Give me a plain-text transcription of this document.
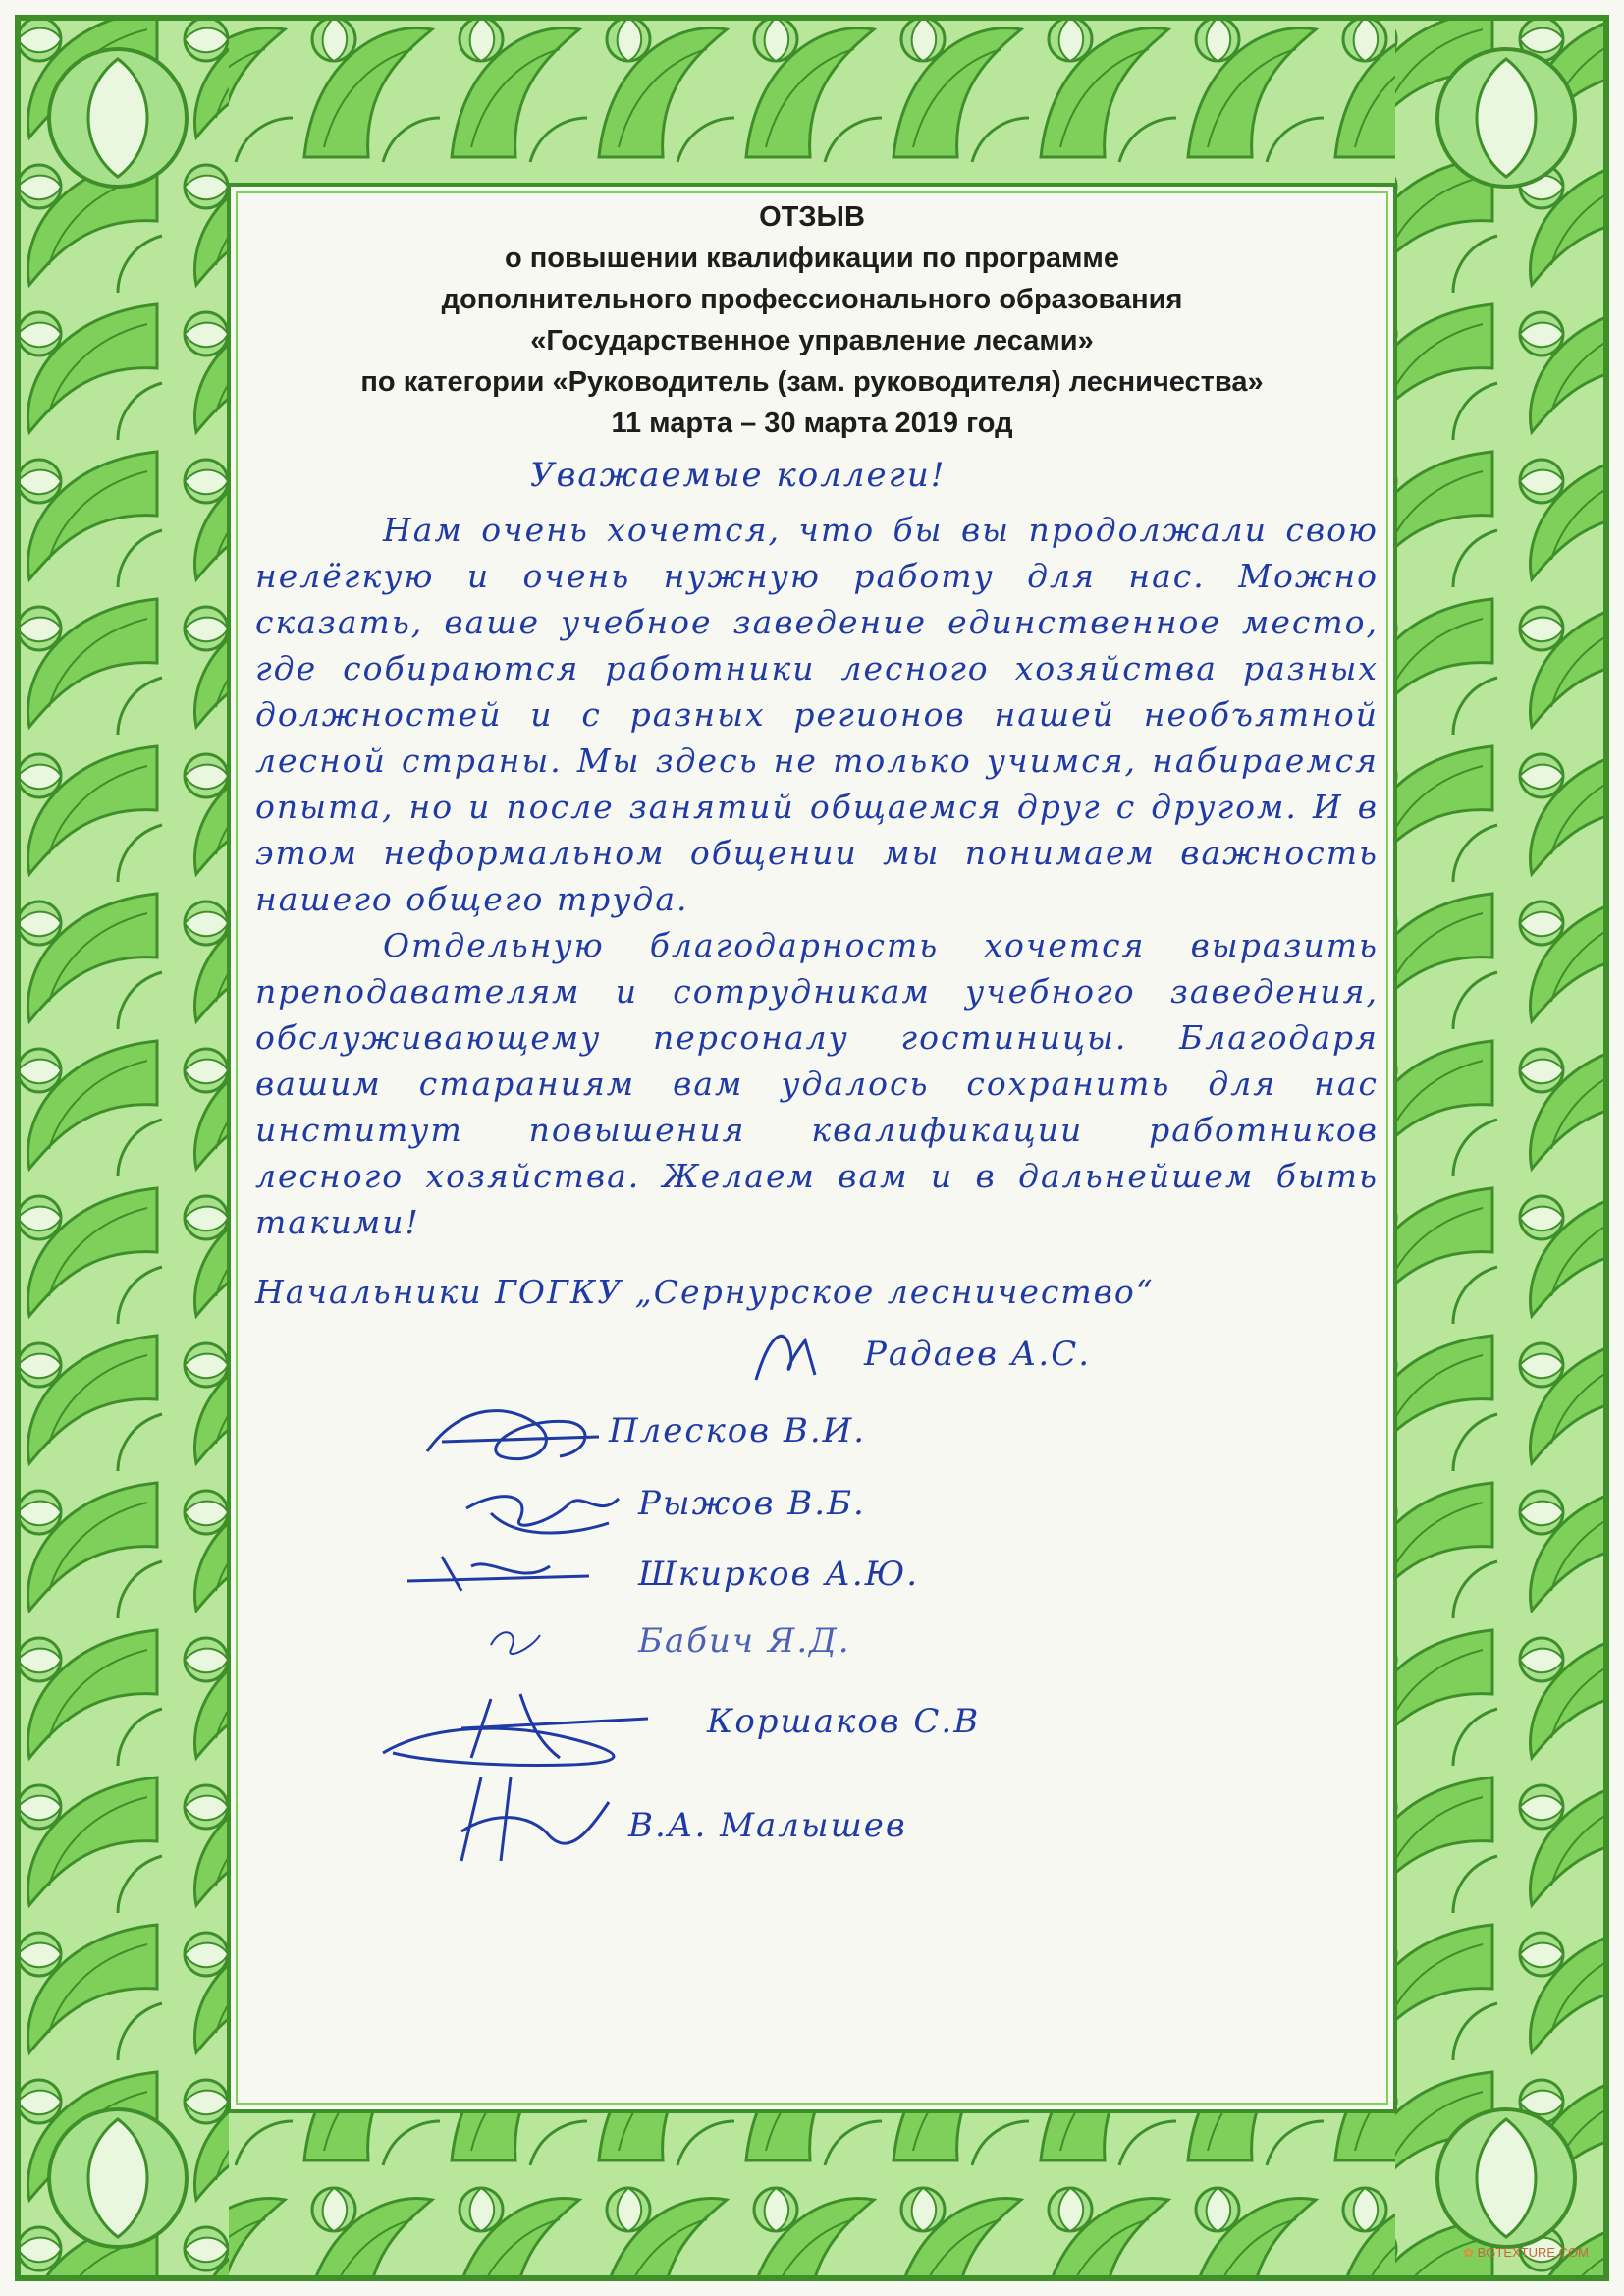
ОТЗЫВ
о повышении квалификации по программе
дополнительного профессионального образования
«Государственное управление лесами»
по категории «Руководитель (зам. руководителя) лесничества»
11 марта – 30 марта 2019 год
Уважаемые коллеги!

Нам очень хочется, что бы вы продолжали свою нелёгкую и очень нужную работу для нас. Можно сказать, ваше учебное заведение единственное место, где собираются работники лесного хозяйства разных должностей и с разных регионов нашей необъятной лесной страны. Мы здесь не только учимся, набираемся опыта, но и после занятий общаемся друг с другом. И в этом неформальном общении мы понимаем важность нашего общего труда.

Отдельную благодарность хочется выразить преподавателям и сотрудникам учебного заведения, обслуживающему персоналу гостиницы. Благодаря вашим стараниям вам удалось сохранить для нас институт повышения квалификации работников лесного хозяйства. Желаем вам и в дальнейшем быть такими!

Начальники ГОГКУ „Сернурское лесничество“
Радаев А.С.
Плесков В.И.
Рыжов В.Б.
Шкирков А.Ю.
Бабич Я.Д.
Коршаков С.В
В.А. Малышев
✿ BGTEXTURE.COM
